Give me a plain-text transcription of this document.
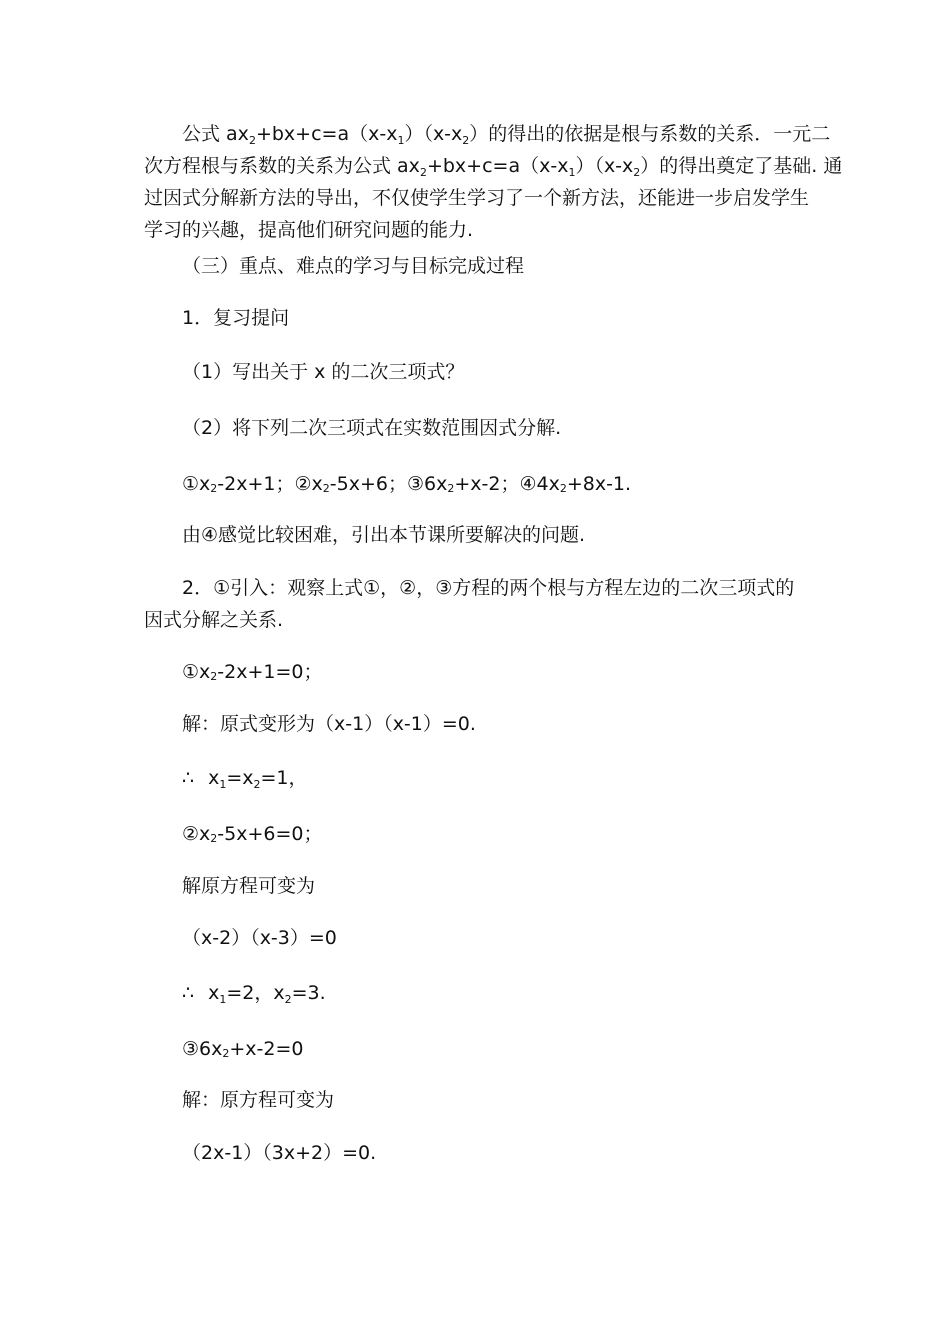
公式 $ax_2+bx+c=a(x-x_1)(x-x_2)$的得出的依据是根与系数的关系．一元二

次方程根与系数的关系为公式 $ax_2+bx+c=a(x-x_1)(x-x_2)$的得出奠定了基础. 通

过因式分解新方法的导出，不仅使学生学习了一个新方法，还能进一步启发学生

学习的兴趣，提高他们研究问题的能力.

（三）重点、难点的学习与目标完成过程
1．复习提问
（1）写出关于 x 的二次三项式？
（2）将下列二次三项式在实数范围因式分解.
$①x_2-2x+1$；$②x_2-5x+6$；$③6x_2+x-2$；$④4x_2+8x-1$.
由④感觉比较困难，引出本节课所要解决的问题.

2．①引入：观察上式①，②，③方程的两个根与方程左边的二次三项式的

因式分解之关系.

$①x_2-2x+1=0$；
解：原式变形为（x-1）（x-1）=0.
∴ $x_1=x_2=1$，
$②x_2-5x+6=0$；
解原方程可变为
（x-2）（x-3）=0
∴ $x_1=2$，$x_2=3$.
$③6x_2+x-2=0$
解：原方程可变为
（2x-1）（3x+2）=0.
